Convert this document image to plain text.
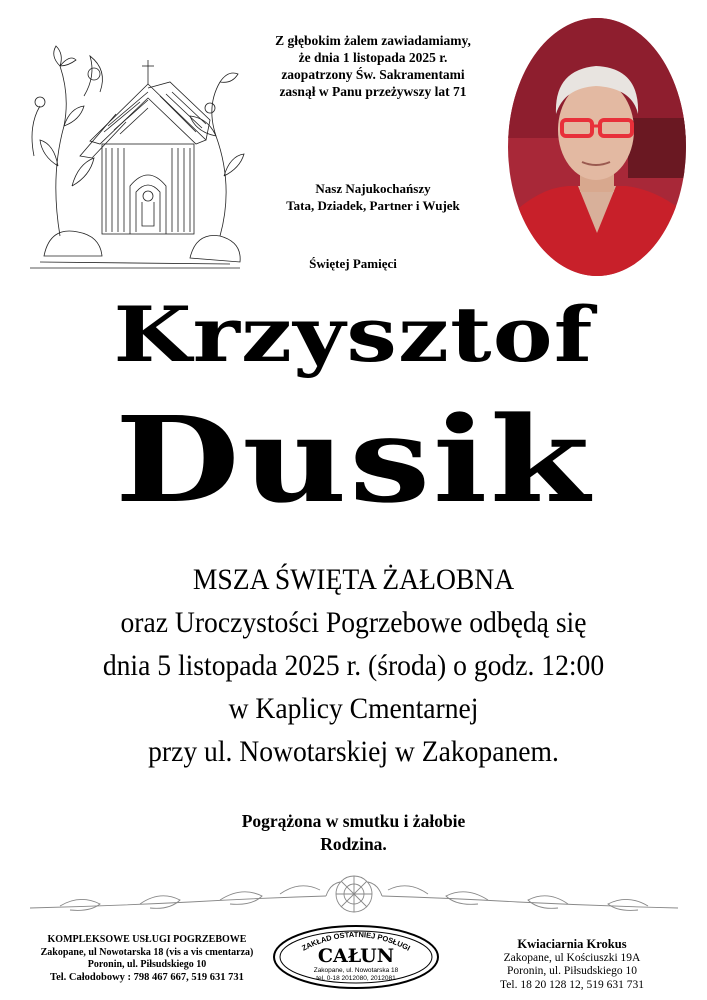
Z głębokim żalem zawiadamiamy,
że dnia 1 listopada 2025 r.
zaopatrzony Św. Sakramentami
zasnął w Panu przeżywszy lat 71
Nasz Najukochańszy
Tata, Dziadek, Partner i Wujek
Świętej Pamięci
Krzysztof
Dusik
MSZA ŚWIĘTA ŻAŁOBNA
oraz Uroczystości Pogrzebowe odbędą się
dnia 5 listopada 2025 r. (środa) o godz. 12:00
w Kaplicy Cmentarnej
przy ul. Nowotarskiej w Zakopanem.
Pogrążona w smutku i żałobie
Rodzina.
KOMPLEKSOWE USŁUGI POGRZEBOWE
Zakopane, ul Nowotarska 18 (vis a vis cmentarza)
Poronin, ul. Piłsudskiego 10
Tel. Całodobowy : 798 467 667, 519 631 731
ZAKŁAD OSTATNIEJ POSŁUGI
CAŁUN
Zakopane, ul. Nowotarska 18
tel. 0-18 2012080, 2012081
Kwiaciarnia Krokus
Zakopane, ul Kościuszki 19A
Poronin, ul. Piłsudskiego 10
Tel. 18 20 128 12, 519 631 731
